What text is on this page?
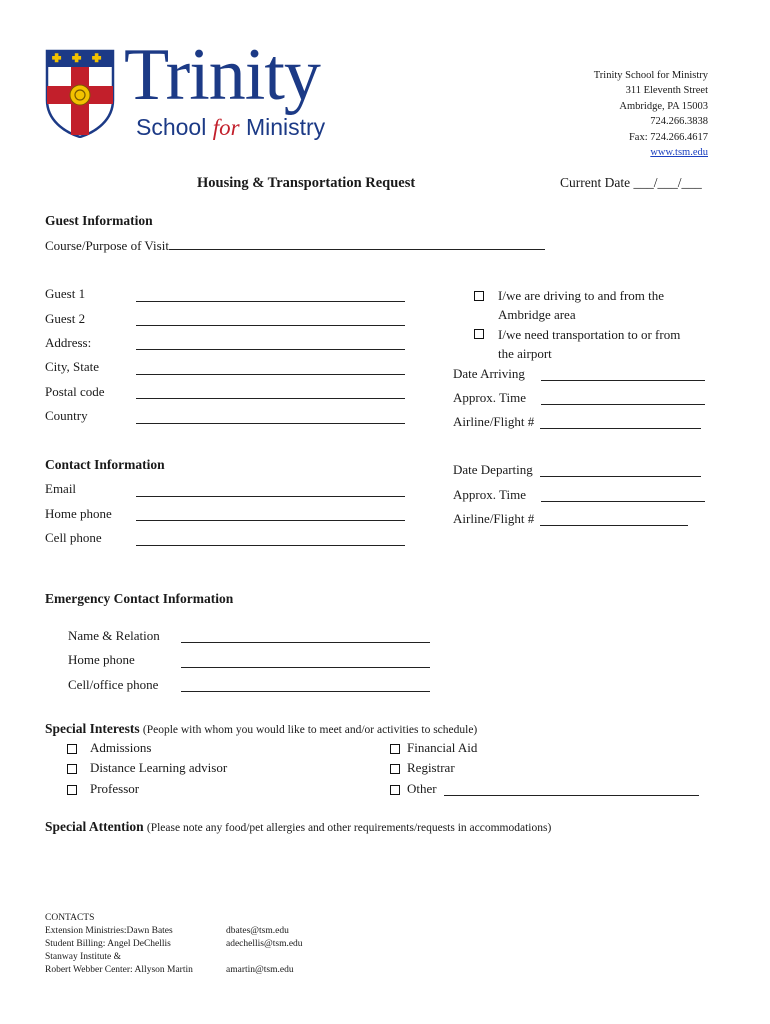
Trinity
School for Ministry
Trinity School for Ministry
311 Eleventh Street
Ambridge, PA 15003
724.266.3838
Fax: 724.266.4617
www.tsm.edu
Housing & Transportation Request	Current Date ___/___/___
Guest Information
Course/Purpose of Visit
Guest 1
Guest 2
Address:
City, State
Postal code
Country
I/we are driving to and from the
Ambridge area
I/we need transportation to or from
the airport
Date Arriving
Approx. Time
Airline/Flight #
Date Departing
Approx. Time
Airline/Flight #
Contact Information
Email
Home phone
Cell phone
Emergency Contact Information
Name & Relation
Home phone
Cell/office phone
Special Interests (People with whom you would like to meet and/or activities to schedule)
Admissions
Distance Learning advisor
Professor
Financial Aid
Registrar
Other
Special Attention (Please note any food/pet allergies and other requirements/requests in accommodations)
CONTACTS
Extension Ministries:Dawn Bates	dbates@tsm.edu
Student Billing: Angel DeChellis	adechellis@tsm.edu
Stanway Institute &
Robert Webber Center: Allyson Martin	amartin@tsm.edu
